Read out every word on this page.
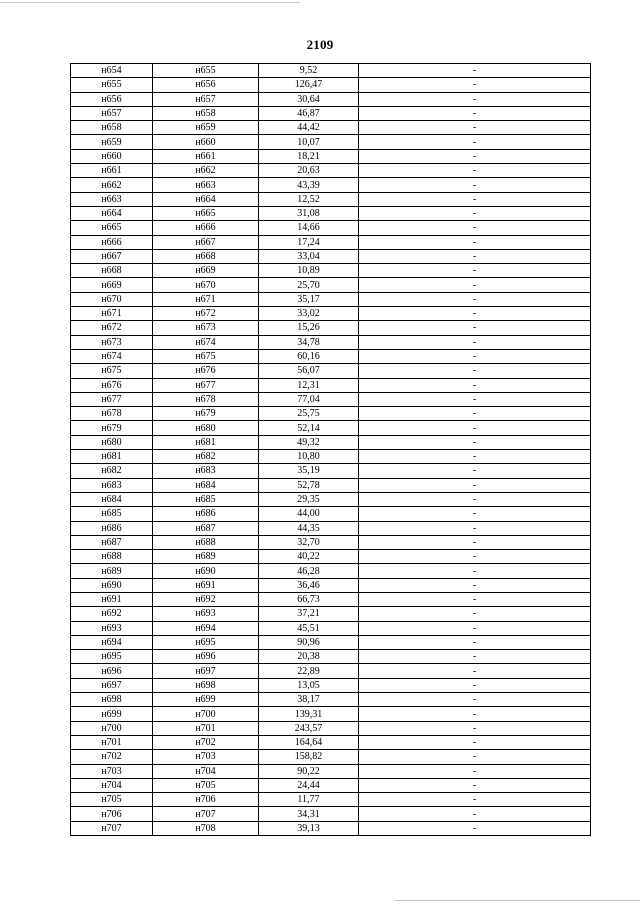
2109
н654	н655	9,52	-
н655	н656	126,47	-
н656	н657	30,64	-
н657	н658	46,87	-
н658	н659	44,42	-
н659	н660	10,07	-
н660	н661	18,21	-
н661	н662	20,63	-
н662	н663	43,39	-
н663	н664	12,52	-
н664	н665	31,08	-
н665	н666	14,66	-
н666	н667	17,24	-
н667	н668	33,04	-
н668	н669	10,89	-
н669	н670	25,70	-
н670	н671	35,17	-
н671	н672	33,02	-
н672	н673	15,26	-
н673	н674	34,78	-
н674	н675	60,16	-
н675	н676	56,07	-
н676	н677	12,31	-
н677	н678	77,04	-
н678	н679	25,75	-
н679	н680	52,14	-
н680	н681	49,32	-
н681	н682	10,80	-
н682	н683	35,19	-
н683	н684	52,78	-
н684	н685	29,35	-
н685	н686	44,00	-
н686	н687	44,35	-
н687	н688	32,70	-
н688	н689	40,22	-
н689	н690	46,28	-
н690	н691	36,46	-
н691	н692	66,73	-
н692	н693	37,21	-
н693	н694	45,51	-
н694	н695	90,96	-
н695	н696	20,38	-
н696	н697	22,89	-
н697	н698	13,05	-
н698	н699	38,17	-
н699	н700	139,31	-
н700	н701	243,57	-
н701	н702	164,64	-
н702	н703	158,82	-
н703	н704	90,22	-
н704	н705	24,44	-
н705	н706	11,77	-
н706	н707	34,31	-
н707	н708	39,13	-
